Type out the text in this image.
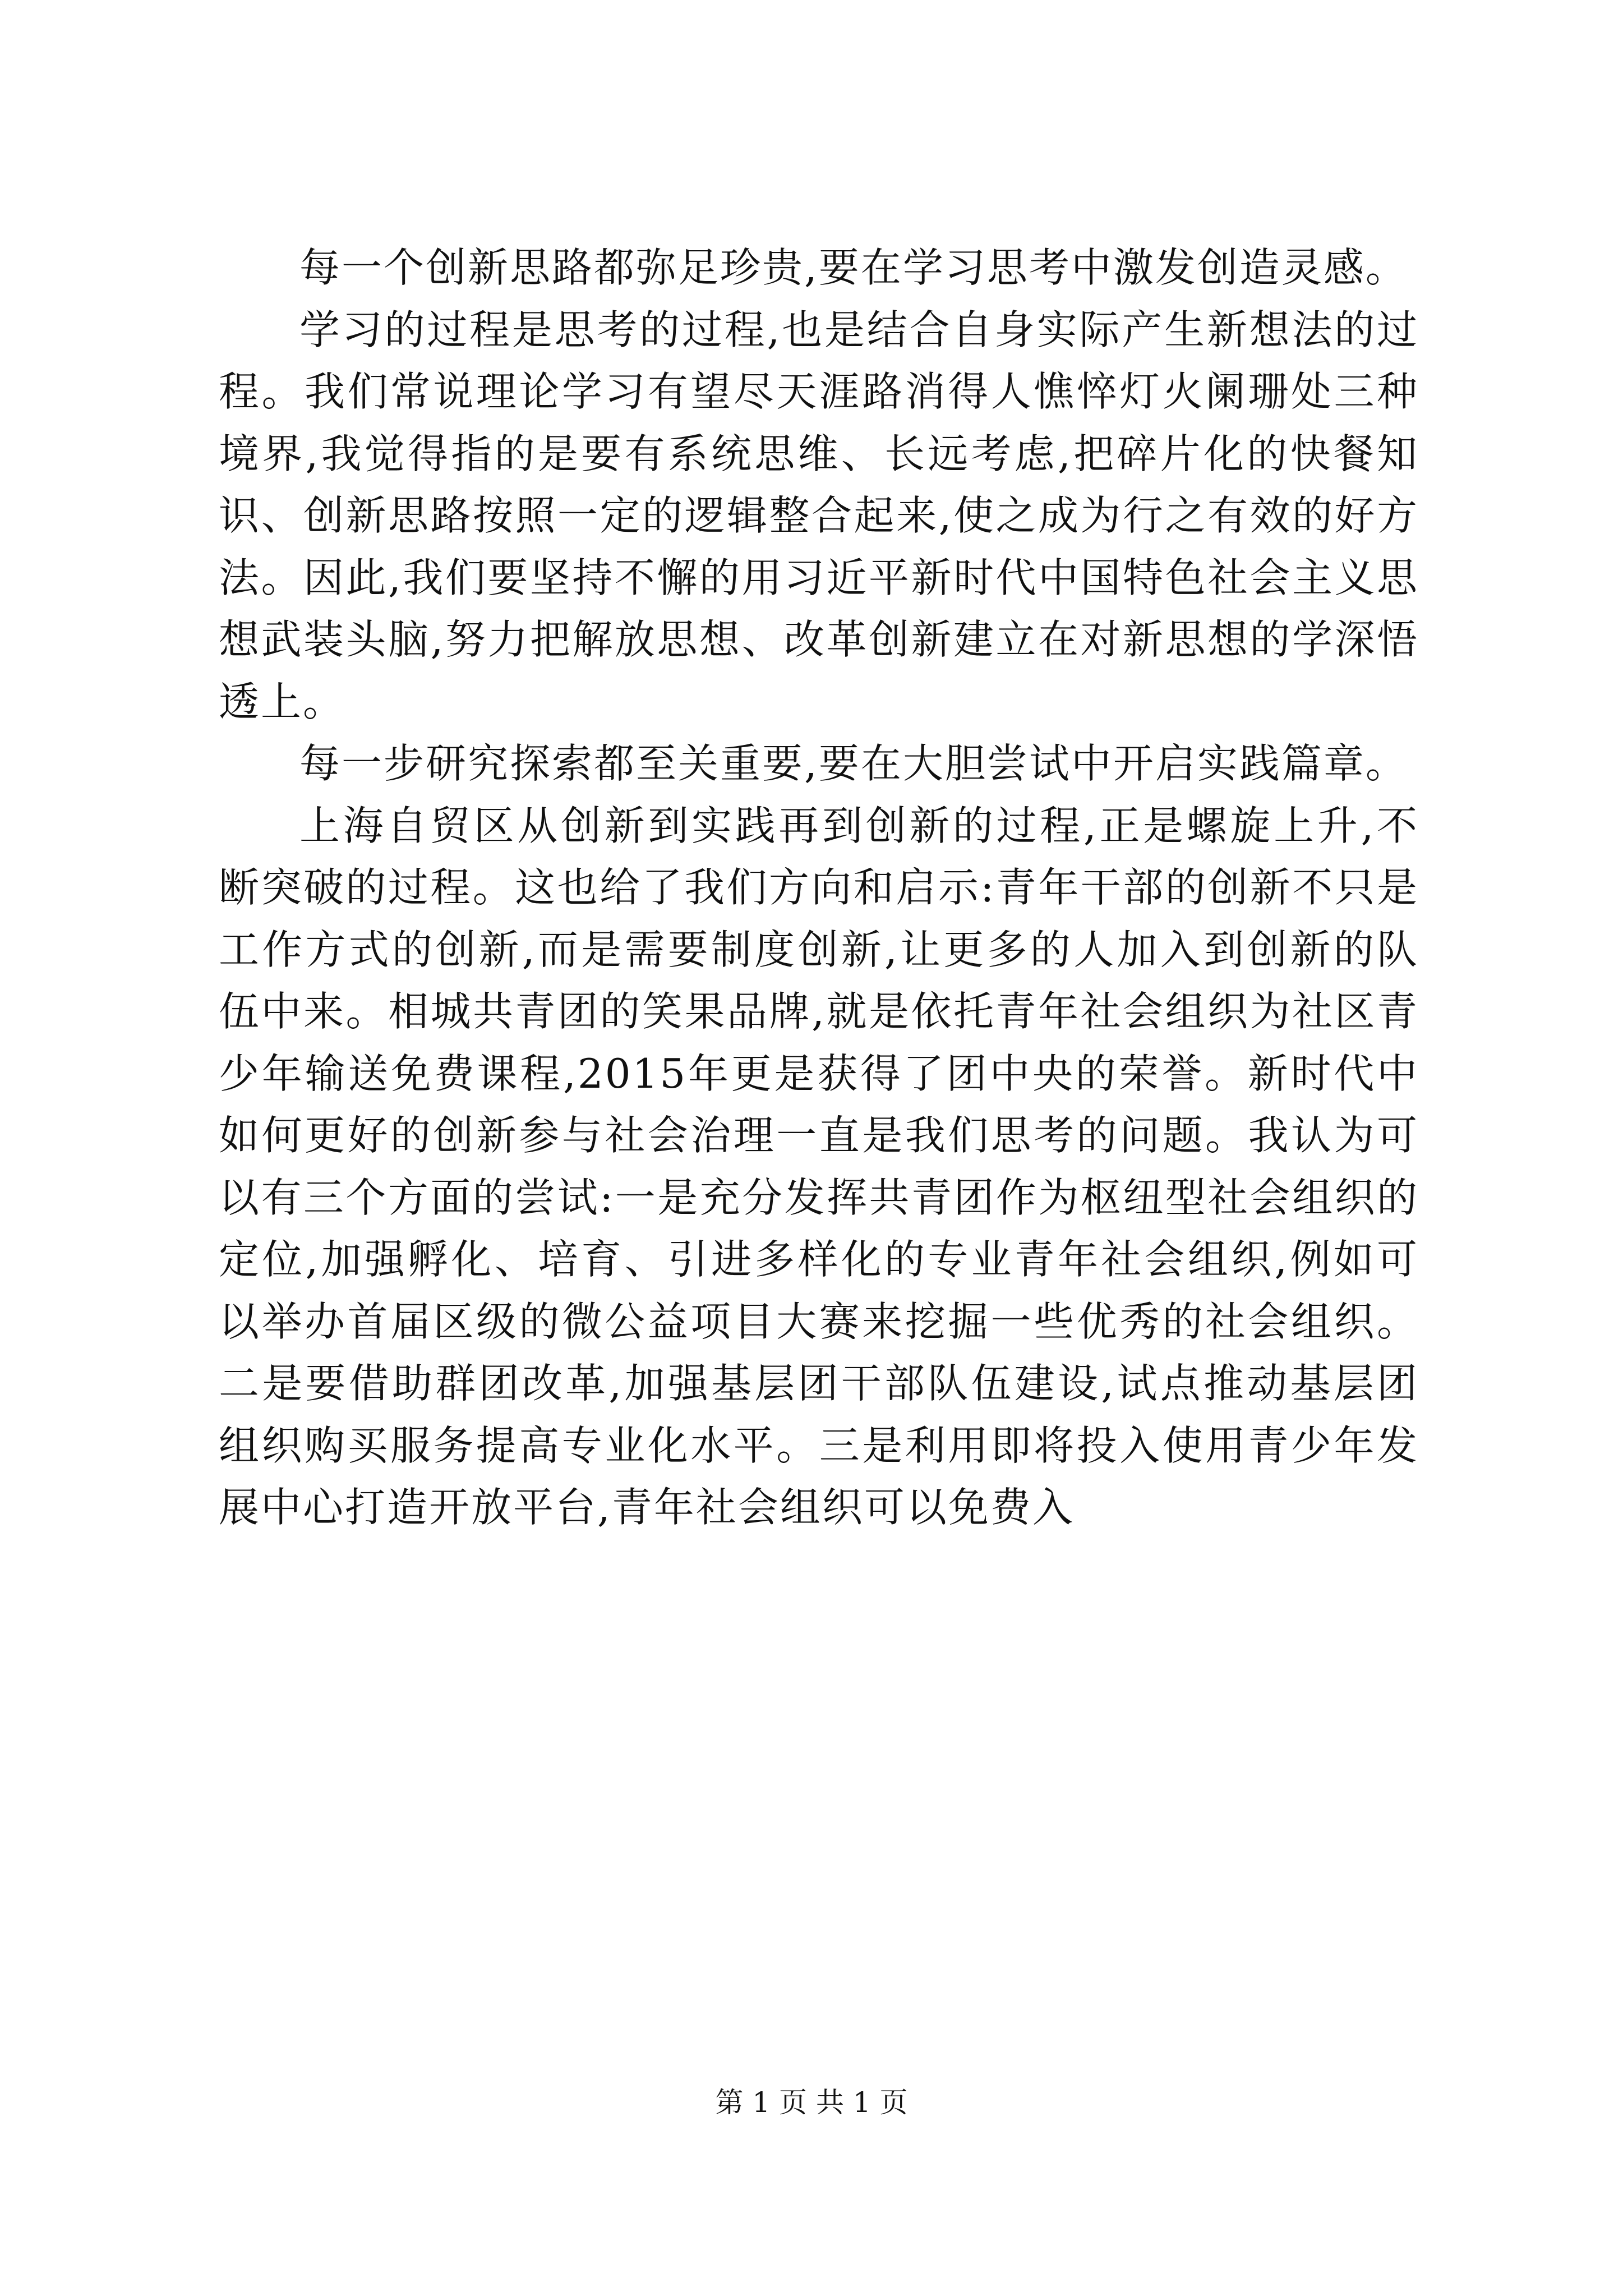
每一个创新思路都弥足珍贵,要在学习思考中激发创造灵感。

学习的过程是思考的过程,也是结合自身实际产生新想法的过程。我们常说理论学习有望尽天涯路消得人憔悴灯火阑珊处三种境界,我觉得指的是要有系统思维、长远考虑,把碎片化的快餐知识、创新思路按照一定的逻辑整合起来,使之成为行之有效的好方法。因此,我们要坚持不懈的用习近平新时代中国特色社会主义思想武装头脑,努力把解放思想、改革创新建立在对新思想的学深悟透上。

每一步研究探索都至关重要,要在大胆尝试中开启实践篇章。

上海自贸区从创新到实践再到创新的过程,正是螺旋上升,不断突破的过程。这也给了我们方向和启示:青年干部的创新不只是工作方式的创新,而是需要制度创新,让更多的人加入到创新的队伍中来。相城共青团的笑果品牌,就是依托青年社会组织为社区青少年输送免费课程,2015年更是获得了团中央的荣誉。新时代中如何更好的创新参与社会治理一直是我们思考的问题。我认为可以有三个方面的尝试:一是充分发挥共青团作为枢纽型社会组织的定位,加强孵化、培育、引进多样化的专业青年社会组织,例如可以举办首届区级的微公益项目大赛来挖掘一些优秀的社会组织。二是要借助群团改革,加强基层团干部队伍建设,试点推动基层团组织购买服务提高专业化水平。三是利用即将投入使用青少年发展中心打造开放平台,青年社会组织可以免费入

第 1 页 共 1 页
